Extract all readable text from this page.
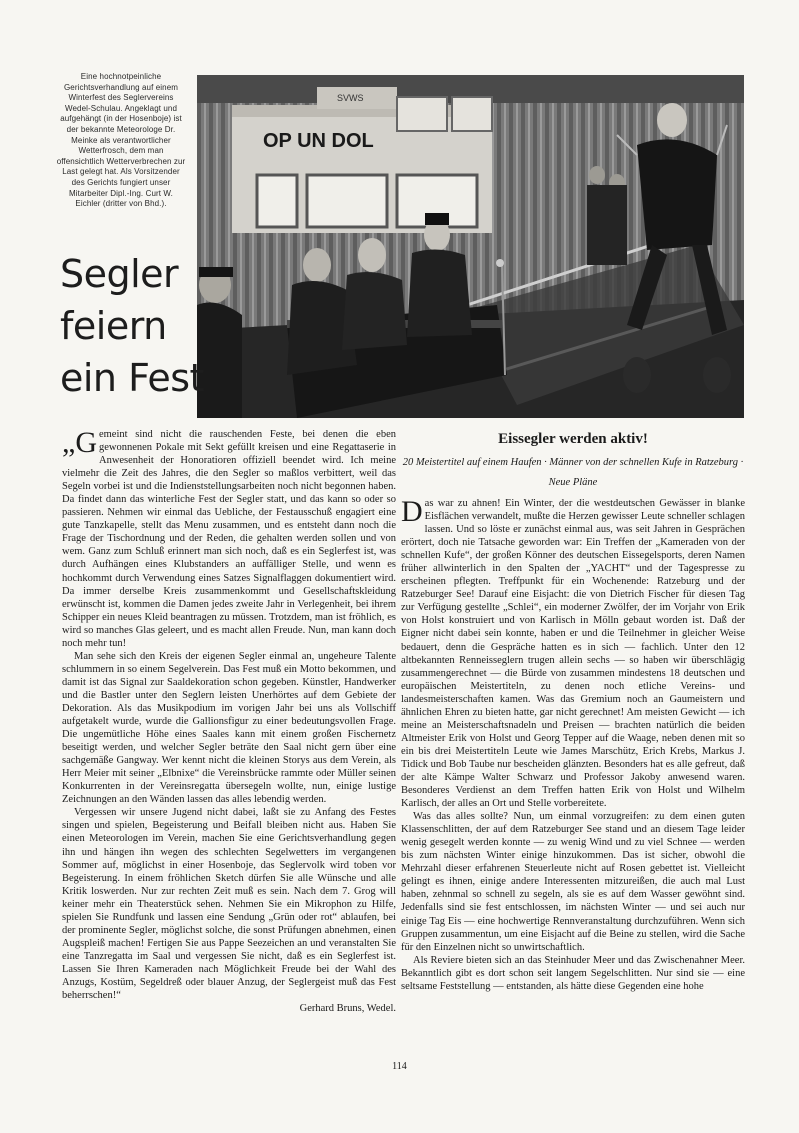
Eine hochnotpeinliche Gerichtsverhandlung auf einem Winterfest des Seglervereins Wedel-Schulau. Angeklagt und aufgehängt (in der Hosenboje) ist der bekannte Meteorologe Dr. Meinke als verantwortlicher Wetterfrosch, dem man offensichtlich Wetterverbrechen zur Last gelegt hat. Als Vorsitzender des Gerichts fungiert unser Mitarbeiter Dipl.-Ing. Curt W. Eichler (dritter von Bhd.).
OP UN DOL
SVWS
Segler
feiern
ein Fest

„Gemeint sind nicht die rauschenden Feste, bei denen die eben gewonnenen Pokale mit Sekt gefüllt kreisen und eine Regattaserie in Anwesenheit der Honoratioren offiziell beendet wird. Ich meine vielmehr die Zeit des Jahres, die den Segler so maßlos verbittert, weil das Segeln vorbei ist und die Indienststellungsarbeiten noch nicht begonnen haben. Da findet dann das winterliche Fest der Segler statt, und das kann so oder so passieren. Nehmen wir einmal das Uebliche, der Festausschuß engagiert eine gute Tanzkapelle, stellt das Menu zusammen, und es entsteht dann noch die Frage der Tischordnung und der Reden, die gehalten werden sollen und von wem. Ganz zum Schluß erinnert man sich noch, daß es ein Seglerfest ist, was durch Aufhängen eines Klubstanders an auffälliger Stelle, und wenn es hochkommt durch Verwendung eines Satzes Signalflaggen dokumentiert wird. Da immer derselbe Kreis zusammenkommt und Gesellschaftskleidung erwünscht ist, kommen die Damen jedes zweite Jahr in Verlegenheit, bei ihrem Schipper ein neues Kleid beantragen zu müssen. Trotzdem, man ist fröhlich, es wird so manches Glas geleert, und es macht allen Freude. Nun, man kann doch noch mehr tun!

Man sehe sich den Kreis der eigenen Segler einmal an, ungeheure Talente schlummern in so einem Segelverein. Das Fest muß ein Motto bekommen, und damit ist das Signal zur Saaldekoration schon gegeben. Künstler, Handwerker und die Bastler unter den Seglern leisten Unerhörtes auf dem Gebiete der Dekoration. Als das Musikpodium im vorigen Jahr bei uns als Vollschiff aufgetakelt wurde, wurde die Gallionsfigur zu einer bedeutungsvollen Frage. Die ungemütliche Höhe eines Saales kann mit einem großen Fischernetz beseitigt werden, und welcher Segler beträte den Saal nicht gern über eine sachgemäße Gangway. Wer kennt nicht die kleinen Storys aus dem Verein, als Herr Meier mit seiner „Elbnixe“ die Vereinsbrücke rammte oder Müller seinen Konkurrenten in der Vereinsregatta übersegeln wollte, nun, einige lustige Zeichnungen an den Wänden lassen das alles lebendig werden.

Vergessen wir unsere Jugend nicht dabei, laßt sie zu Anfang des Festes singen und spielen, Begeisterung und Beifall bleiben nicht aus. Haben Sie einen Meteorologen im Verein, machen Sie eine Gerichtsverhandlung gegen ihn und hängen ihn wegen des schlechten Segelwetters im vergangenen Sommer auf, möglichst in einer Hosenboje, das Seglervolk wird toben vor Begeisterung. In einem fröhlichen Sketch dürfen Sie alle Wünsche und alle Kritik loswerden. Nur zur rechten Zeit muß es sein. Nach dem 7. Grog will keiner mehr ein Theaterstück sehen. Nehmen Sie ein Mikrophon zu Hilfe, spielen Sie Rundfunk und lassen eine Sendung „Grün oder rot“ ablaufen, bei der prominente Segler, möglichst solche, die sonst Prüfungen abnehmen, einen Augspleiß machen! Fertigen Sie aus Pappe Seezeichen an und veranstalten Sie eine Tanzregatta im Saal und vergessen Sie nicht, daß es ein Seglerfest ist. Lassen Sie Ihren Kameraden nach Möglichkeit Freude bei der Wahl des Anzugs, Kostüm, Segeldreß oder blauer Anzug, der Seglergeist muß das Fest beherrschen!“

Gerhard Bruns, Wedel.

Eissegler werden aktiv!
20 Meistertitel auf einem Haufen · Männer von der schnellen Kufe in Ratzeburg · Neue Pläne

Das war zu ahnen! Ein Winter, der die westdeutschen Gewässer in blanke Eisflächen verwandelt, mußte die Herzen gewisser Leute schneller schlagen lassen. Und so löste er zunächst einmal aus, was seit Jahren in Gesprächen erörtert, doch nie Tatsache geworden war: Ein Treffen der „Kameraden von der schnellen Kufe“, der großen Könner des deutschen Eissegelsports, deren Namen früher allwinterlich in den Spalten der „YACHT“ und der Tagespresse zu erscheinen pflegten. Treffpunkt für ein Wochenende: Ratzeburg und der Ratzeburger See! Darauf eine Eisjacht: die von Dietrich Fischer für diesen Tag zur Verfügung gestellte „Schlei“, ein moderner Zwölfer, der im Vorjahr von Erik von Holst konstruiert und von Karlisch in Mölln gebaut worden ist. Daß der Eigner nicht dabei sein konnte, haben er und die Teilnehmer in gleicher Weise bedauert, denn die Gespräche hatten es in sich — fachlich. Unter den 12 altbekannten Renneisseglern trugen allein sechs — so haben wir überschlägig zusammengerechnet — die Bürde von zusammen mindestens 18 deutschen und europäischen Meistertiteln, zu denen noch etliche Vereins- und landesmeisterschaften kamen. Was das Gremium noch an Gaumeistern und ähnlichen Ehren zu bieten hatte, gar nicht gerechnet! Am meisten Gewicht — ich meine an Meisterschaftsnadeln und Preisen — brachten natürlich die beiden Altmeister Erik von Holst und Georg Tepper auf die Waage, neben denen mit so ein bis drei Meistertiteln Leute wie James Marschütz, Erich Krebs, Markus J. Tidick und Bob Taube nur bescheiden glänzten. Besonders hat es alle gefreut, daß der alte Kämpe Walter Schwarz und Professor Jakoby anwesend waren. Besonderes Verdienst an dem Treffen hatten Erik von Holst und Wilhelm Karlisch, der alles an Ort und Stelle vorbereitete.

Was das alles sollte? Nun, um einmal vorzugreifen: zu dem einen guten Klassenschlitten, der auf dem Ratzeburger See stand und an diesem Tage leider wenig gesegelt werden konnte — zu wenig Wind und zu viel Schnee — werden bis zum nächsten Winter einige hinzukommen. Das ist sicher, obwohl die Mehrzahl dieser erfahrenen Steuerleute nicht auf Rosen gebettet ist. Vielleicht gelingt es ihnen, einige andere Interessenten mitzureißen, die auch mal Lust haben, zehnmal so schnell zu segeln, als sie es auf dem Wasser gewöhnt sind. Jedenfalls sind sie fest entschlossen, im nächsten Winter — und sei auch nur einige Tag Eis — eine hochwertige Rennveranstaltung durchzuführen. Wenn sich Gruppen zusammentun, um eine Eisjacht auf die Beine zu stellen, wird die Sache für den Einzelnen nicht so unwirtschaftlich.

Als Reviere bieten sich an das Steinhuder Meer und das Zwischenahner Meer. Bekanntlich gibt es dort schon seit langem Segelschlitten. Nur sind sie — eine seltsame Feststellung — entstanden, als hätte diese Gegenden eine hohe

114
